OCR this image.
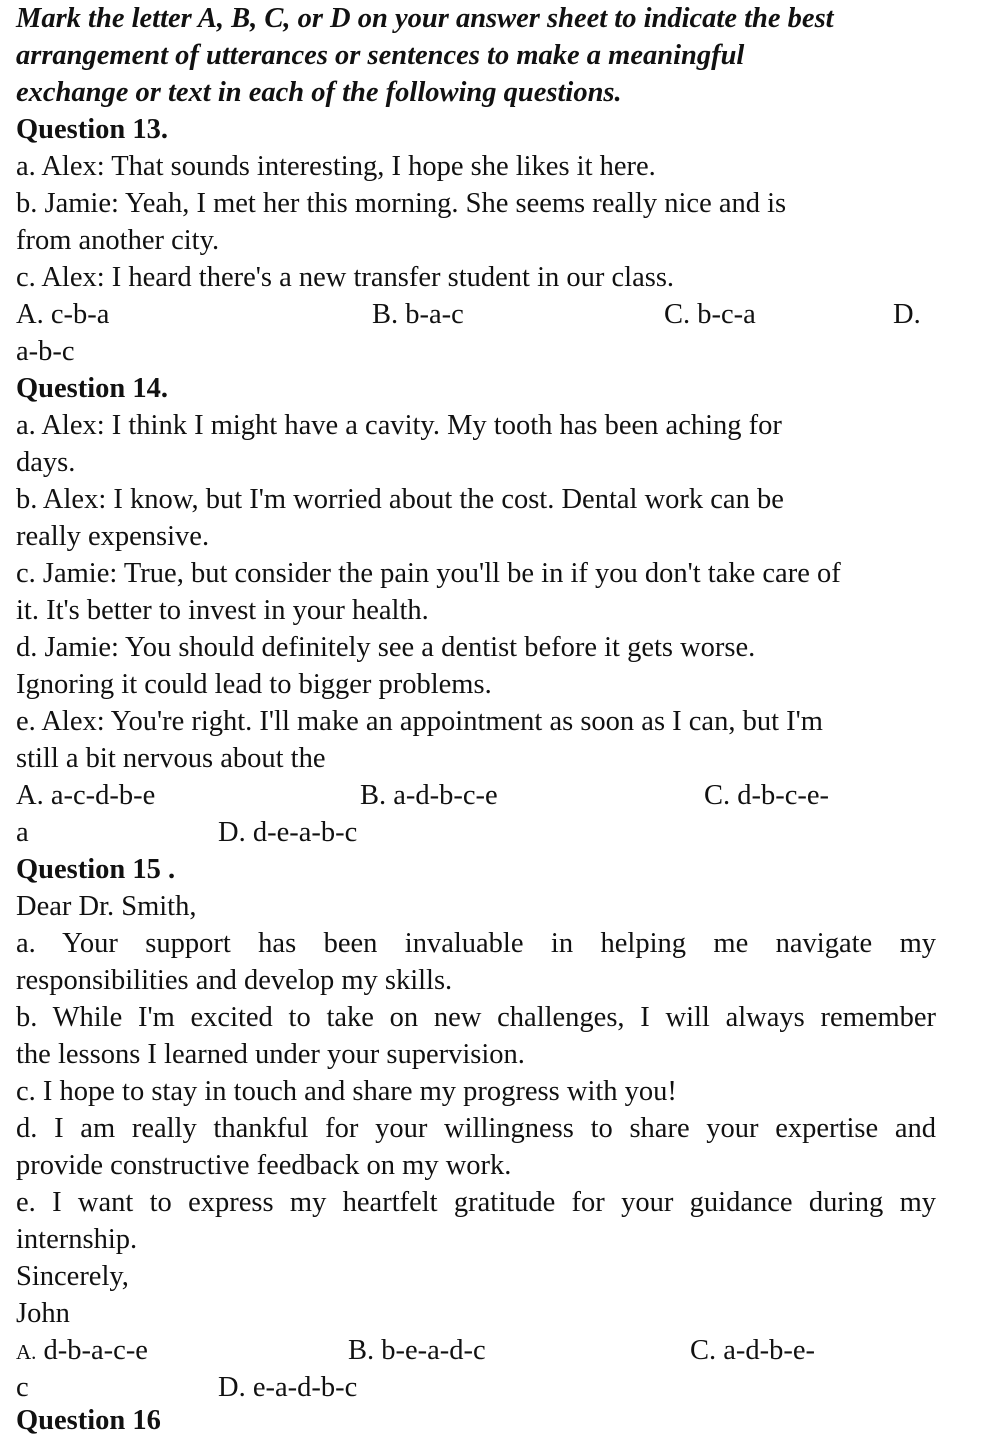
Mark the letter A, B, C, or D on your answer sheet to indicate the best
arrangement of utterances or sentences to make a meaningful
exchange or text in each of the following questions.
Question 13.
a. Alex: That sounds interesting, I hope she likes it here.
b. Jamie: Yeah, I met her this morning. She seems really nice and is
from another city.
c. Alex: I heard there's a new transfer student in our class.
A. c-b-a	B. b-a-c	C. b-c-a	D.
a-b-c
Question 14.
a. Alex: I think I might have a cavity. My tooth has been aching for
days.
b. Alex: I know, but I'm worried about the cost. Dental work can be
really expensive.
c. Jamie: True, but consider the pain you'll be in if you don't take care of
it. It's better to invest in your health.
d. Jamie: You should definitely see a dentist before it gets worse.
Ignoring it could lead to bigger problems.
e. Alex: You're right. I'll make an appointment as soon as I can, but I'm
still a bit nervous about the
A. a-c-d-b-e	B. a-d-b-c-e	C. d-b-c-e-
a	D. d-e-a-b-c
Question 15 .
Dear Dr. Smith,
a. Your support has been invaluable in helping me navigate my
responsibilities and develop my skills.
b. While I'm excited to take on new challenges, I will always remember
the lessons I learned under your supervision.
c. I hope to stay in touch and share my progress with you!
d. I am really thankful for your willingness to share your expertise and
provide constructive feedback on my work.
e. I want to express my heartfelt gratitude for your guidance during my
internship.
Sincerely,
John
A. d-b-a-c-e	B. b-e-a-d-c	C. a-d-b-e-
c	D. e-a-d-b-c
Question 16
